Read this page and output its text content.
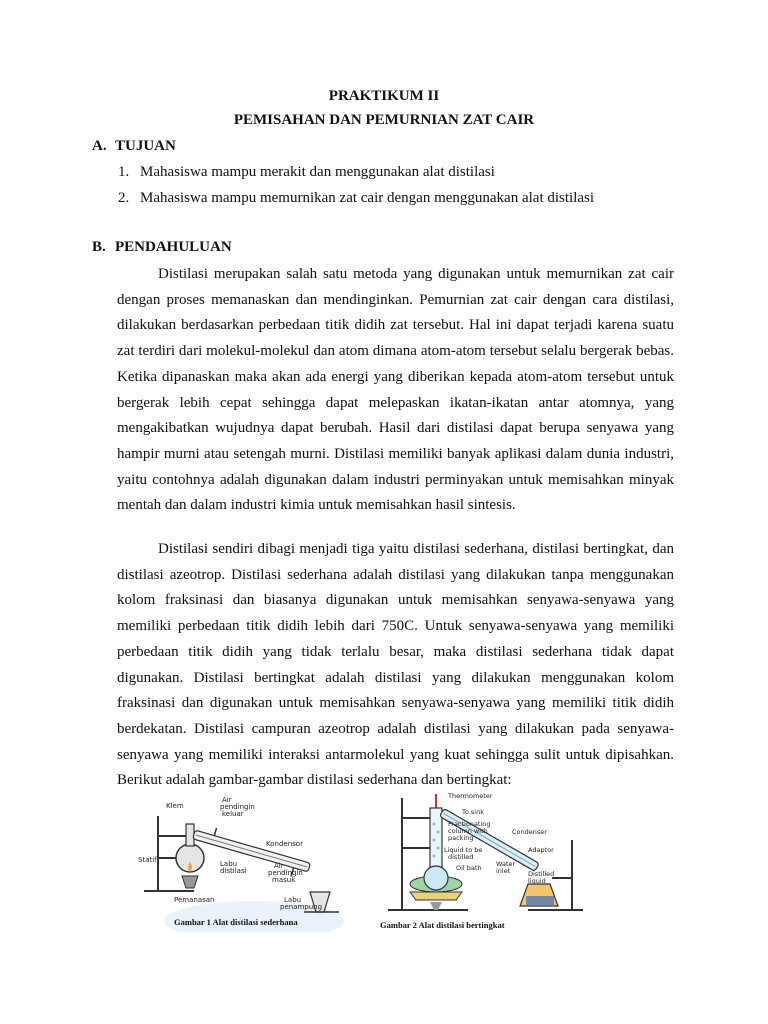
PRAKTIKUM II
PEMISAHAN DAN PEMURNIAN ZAT CAIR
A. TUJUAN
1. Mahasiswa mampu merakit dan menggunakan alat distilasi
2. Mahasiswa mampu memurnikan zat cair dengan menggunakan alat distilasi
B. PENDAHULUAN

Distilasi merupakan salah satu metoda yang digunakan untuk memurnikan zat cair dengan proses memanaskan dan mendinginkan. Pemurnian zat cair dengan cara distilasi, dilakukan berdasarkan perbedaan titik didih zat tersebut. Hal ini dapat terjadi karena suatu zat terdiri dari molekul-molekul dan atom dimana atom-atom tersebut selalu bergerak bebas. Ketika dipanaskan maka akan ada energi yang diberikan kepada atom-atom tersebut untuk bergerak lebih cepat sehingga dapat melepaskan ikatan-ikatan antar atomnya, yang mengakibatkan wujudnya dapat berubah. Hasil dari distilasi dapat berupa senyawa yang hampir murni atau setengah murni. Distilasi memiliki banyak aplikasi dalam dunia industri, yaitu contohnya adalah digunakan dalam industri perminyakan untuk memisahkan minyak mentah dan dalam industri kimia untuk memisahkan hasil sintesis.

Distilasi sendiri dibagi menjadi tiga yaitu distilasi sederhana, distilasi bertingkat, dan distilasi azeotrop. Distilasi sederhana adalah distilasi yang dilakukan tanpa menggunakan kolom fraksinasi dan biasanya digunakan untuk memisahkan senyawa-senyawa yang memiliki perbedaan titik didih lebih dari 750C. Untuk senyawa-senyawa yang memiliki perbedaan titik didih yang tidak terlalu besar, maka distilasi sederhana tidak dapat digunakan. Distilasi bertingkat adalah distilasi yang dilakukan menggunakan kolom fraksinasi dan digunakan untuk memisahkan senyawa-senyawa yang memiliki titik didih berdekatan. Distilasi campuran azeotrop adalah distilasi yang dilakukan pada senyawa-senyawa yang memiliki interaksi antarmolekul yang kuat sehingga sulit untuk dipisahkan. Berikut adalah gambar-gambar distilasi sederhana dan bertingkat:

Klem
Air
pendingin
keluar
Kondensor
Statif	Labu
distilasi
Air
pendingin
masuk
Pemanasan	Labu
penampung
Gambar 1 Alat distilasi sederhana
Thermometer
To sink
Fractionating
column with
packing
Condenser
Adaptor
Liquid to be
distilled
Oil bath Water
inlet	Distilled
liquid
Gambar 2 Alat distilasi bertingkat
